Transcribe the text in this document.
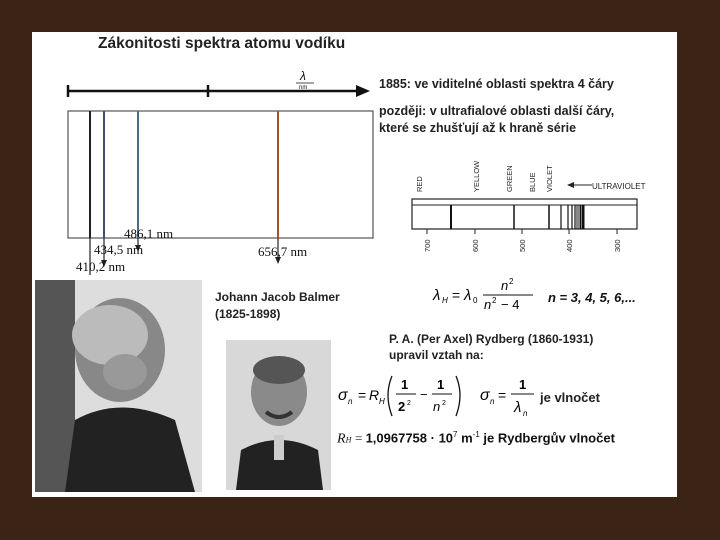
Zákonitosti spektra atomu vodíku
λ
nm
486,1 nm
434,5 nm
410,2 nm
656,7 nm
1885: ve viditelné oblasti spektra 4 čáry
později: v ultrafialové oblasti další čáry,
které se zhušťují až k hraně série
RED	YELLOW	GREEN BLUE VIOLET	ULTRAVIOLET
700	600	500	400	300
Johann Jacob Balmer
(1825-1898)
λ H = λ 0
n 2
n 2 − 4 n = 3, 4, 5, 6,...
P. A. (Per Axel) Rydberg (1860-1931)
upravil vztah na:
σ n = R H
1
2 2
−
1
n 2 σ n =
1
λ n
je vlnočet
RH = $1,0967758 \cdot 10^7$ $m^{-1}$ je Rydbergův vlnočet
